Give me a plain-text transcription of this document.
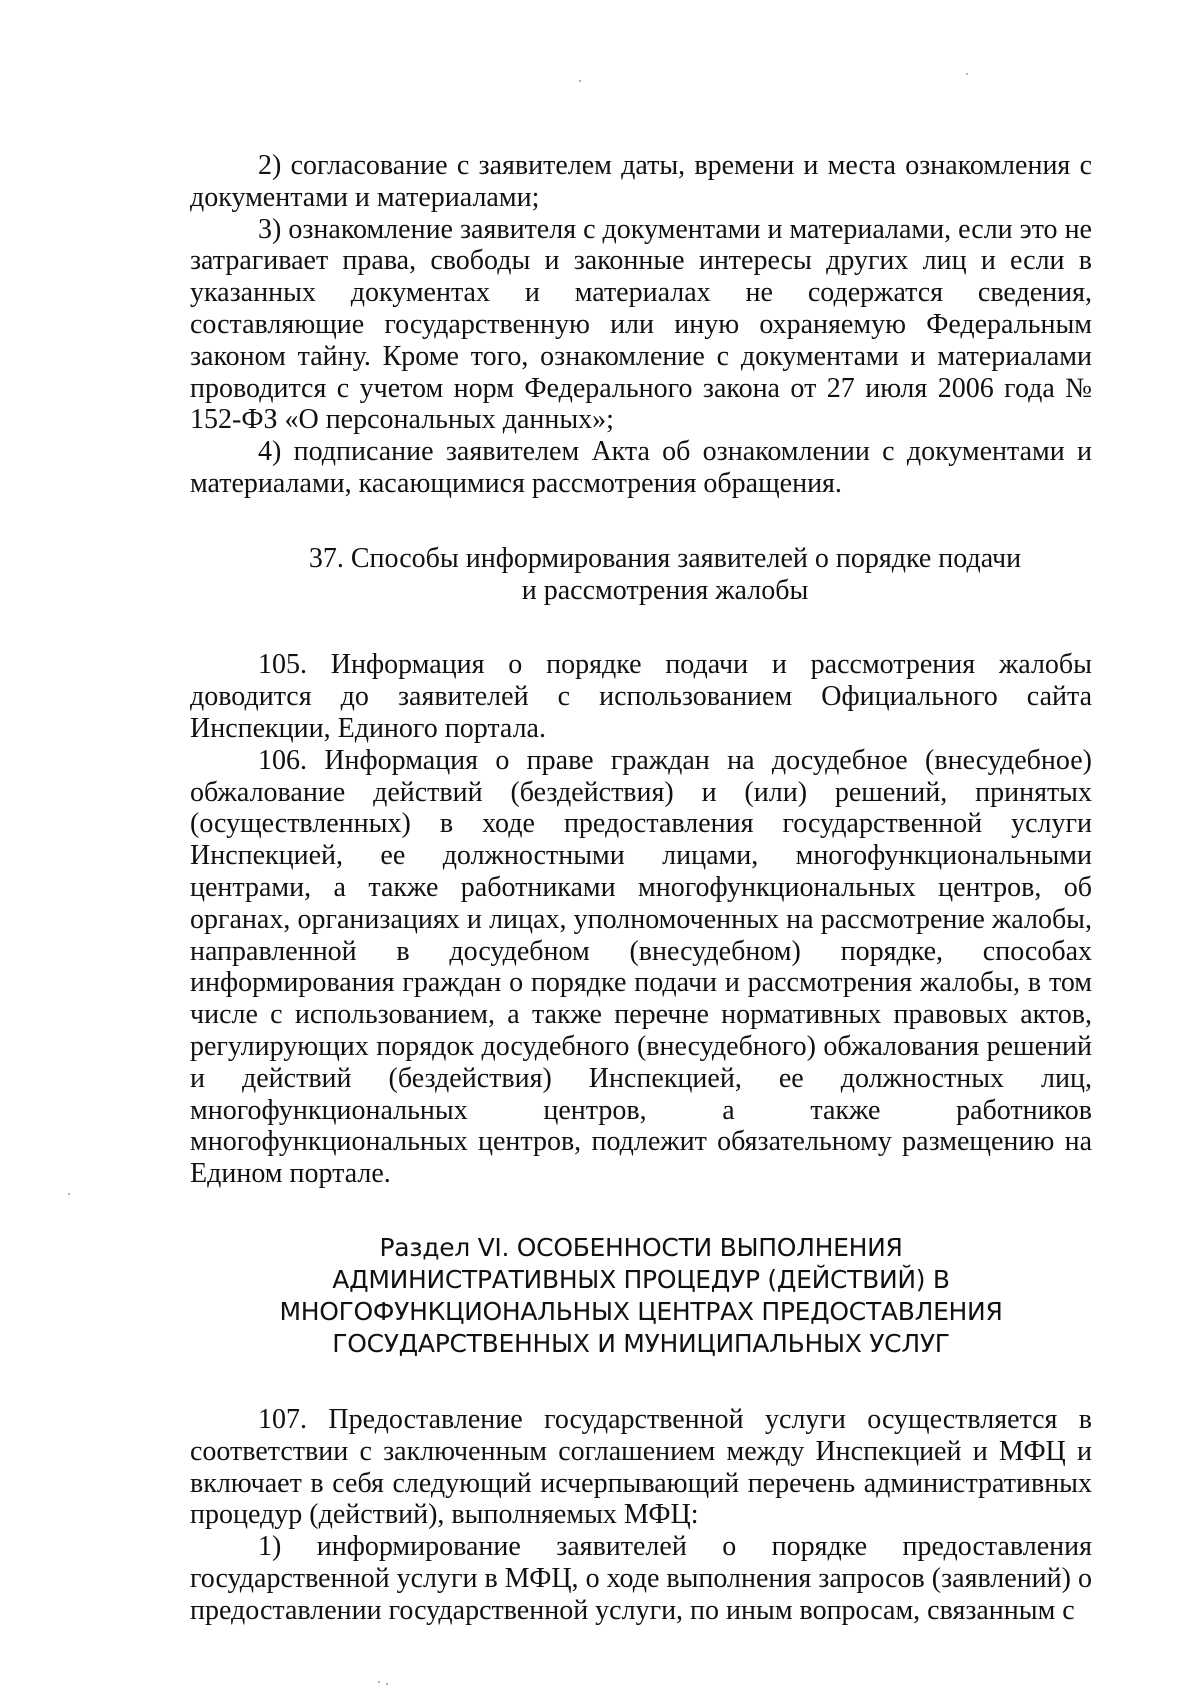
2) согласование с заявителем даты, времени и места ознакомления с документами и материалами;

3) ознакомление заявителя с документами и материалами, если это не затрагивает права, свободы и законные интересы других лиц и если в указанных документах и материалах не содержатся сведения, составляющие государственную или иную охраняемую Федеральным законом тайну. Кроме того, ознакомление с документами и материалами проводится с учетом норм Федерального закона от 27 июля 2006 года № 152-ФЗ «О персональных данных»;

4) подписание заявителем Акта об ознакомлении с документами и материалами, касающимися рассмотрения обращения.

37. Способы информирования заявителей о порядке подачи
и рассмотрения жалобы

105. Информация о порядке подачи и рассмотрения жалобы доводится до заявителей с использованием Официального сайта Инспекции, Единого портала.

106. Информация о праве граждан на досудебное (внесудебное) обжалование действий (бездействия) и (или) решений, принятых (осуществленных) в ходе предоставления государственной услуги Инспекцией, ее должностными лицами, многофункциональными центрами, а также работниками многофункциональных центров, об органах, организациях и лицах, уполномоченных на рассмотрение жалобы, направленной в досудебном (внесудебном) порядке, способах информирования граждан о порядке подачи и рассмотрения жалобы, в том числе с использованием, а также перечне нормативных правовых актов, регулирующих порядок досудебного (внесудебного) обжалования решений и действий (бездействия) Инспекцией, ее должностных лиц, многофункциональных центров, а также работников многофункциональных центров, подлежит обязательному размещению на Едином портале.

Раздел VI. ОСОБЕННОСТИ ВЫПОЛНЕНИЯ
АДМИНИСТРАТИВНЫХ ПРОЦЕДУР (ДЕЙСТВИЙ) В
МНОГОФУНКЦИОНАЛЬНЫХ ЦЕНТРАХ ПРЕДОСТАВЛЕНИЯ
ГОСУДАРСТВЕННЫХ И МУНИЦИПАЛЬНЫХ УСЛУГ

107. Предоставление государственной услуги осуществляется в соответствии с заключенным соглашением между Инспекцией и МФЦ и включает в себя следующий исчерпывающий перечень административных процедур (действий), выполняемых МФЦ:

1) информирование заявителей о порядке предоставления государственной услуги в МФЦ, о ходе выполнения запросов (заявлений) о предоставлении государственной услуги, по иным вопросам, связанным с
